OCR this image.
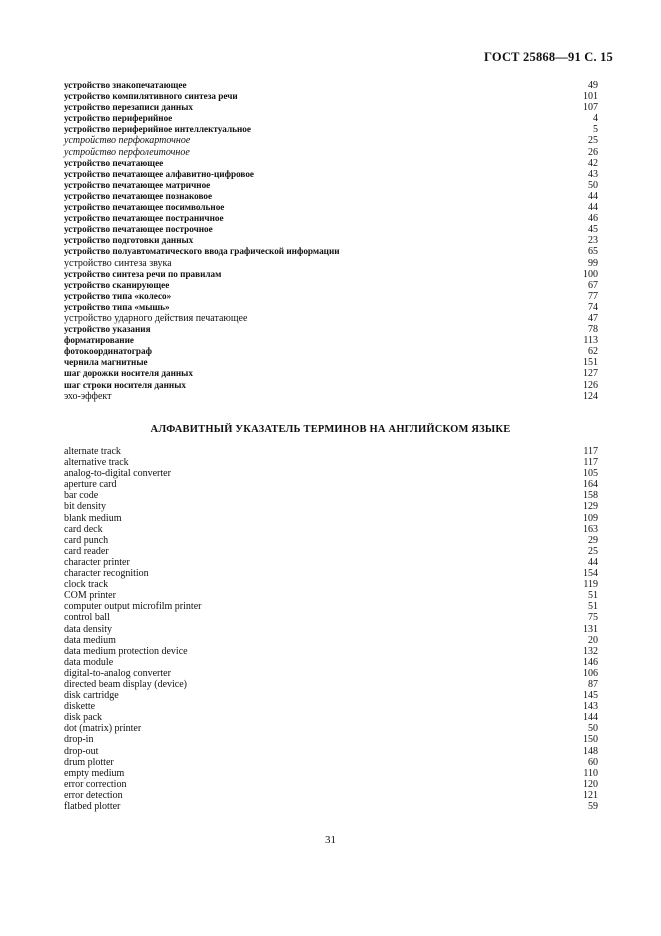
ГОСТ 25868—91 С. 15
устройство знакопечатающее	49
устройство компилятивного синтеза речи	101
устройство перезаписи данных	107
устройство периферийное	4
устройство периферийное интеллектуальное	5
устройство перфокарточное	25
устройство перфолеиточное	26
устройство печатающее	42
устройство печатающее алфавитно-цифровое	43
устройство печатающее матричное	50
устройство печатающее познаковое	44
устройство печатающее посимвольное	44
устройство печатающее постраничное	46
устройство печатающее построчное	45
устройство подготовки данных	23
устройство полуавтоматического ввода графической информации	65
устройство синтеза звука	99
устройство синтеза речи по правилам	100
устройство сканирующее	67
устройство типа «колесо»	77
устройство типа «мышь»	74
устройство ударного действия печатающее	47
устройство указания	78
форматирование	113
фотокоординатограф	62
чернила магнитные	151
шаг дорожки носителя данных	127
шаг строки носителя данных	126
эхо-эффект	124
АЛФАВИТНЫЙ УКАЗАТЕЛЬ ТЕРМИНОВ НА АНГЛИЙСКОМ ЯЗЫКЕ
alternate track	117
alternative track	117
analog-to-digital converter	105
aperture card	164
bar code	158
bit density	129
blank medium	109
card deck	163
card punch	29
card reader	25
character printer	44
character recognition	154
clock track	119
COM printer	51
computer output microfilm printer	51
control ball	75
data density	131
data medium	20
data medium protection device	132
data module	146
digital-to-analog converter	106
directed beam display (device)	87
disk cartridge	145
diskette	143
disk pack	144
dot (matrix) printer	50
drop-in	150
drop-out	148
drum plotter	60
empty medium	110
error correction	120
error detection	121
flatbed plotter	59
31
